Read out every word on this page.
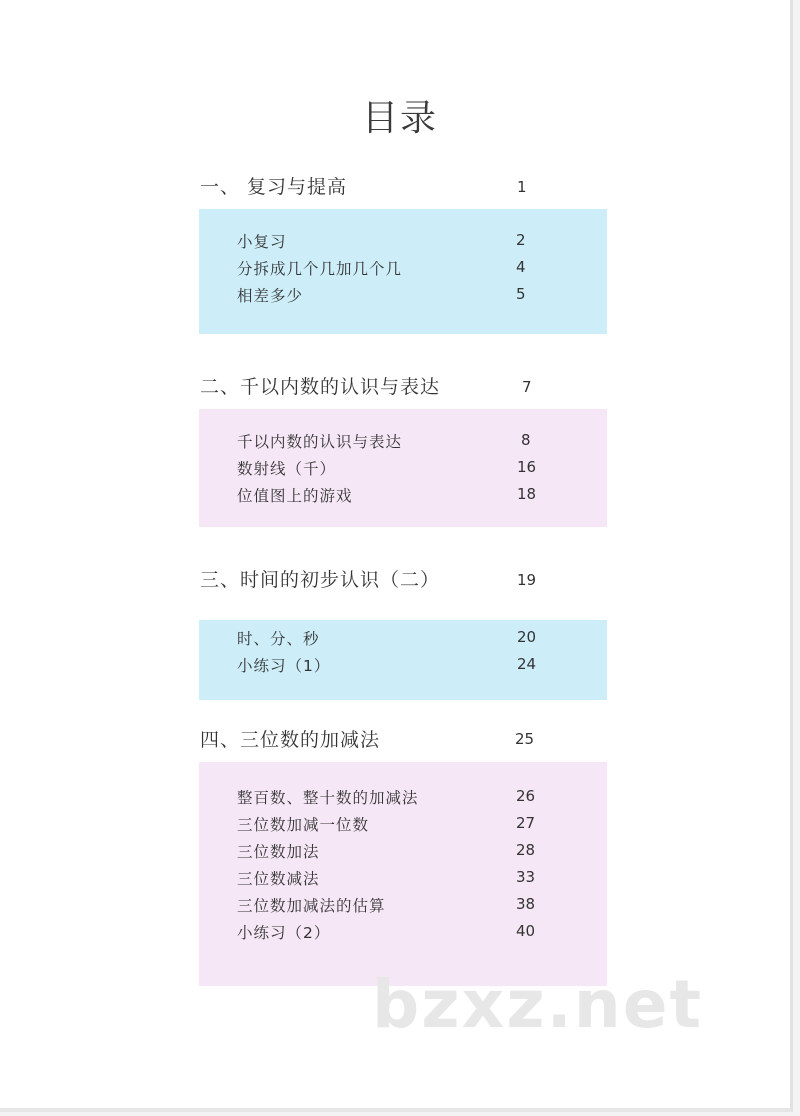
目录
一、 复习与提高	1
小复习	2
分拆成几个几加几个几	4
相差多少	5
二、千以内数的认识与表达	7
千以内数的认识与表达	8
数射线（千）	16
位值图上的游戏	18
三、时间的初步认识（二）	19
时、分、秒	20
小练习（1）	24
四、三位数的加减法	25
整百数、整十数的加减法	26
三位数加减一位数	27
三位数加法	28
三位数减法	33
三位数加减法的估算	38
小练习（2）	40
bzxz.net
